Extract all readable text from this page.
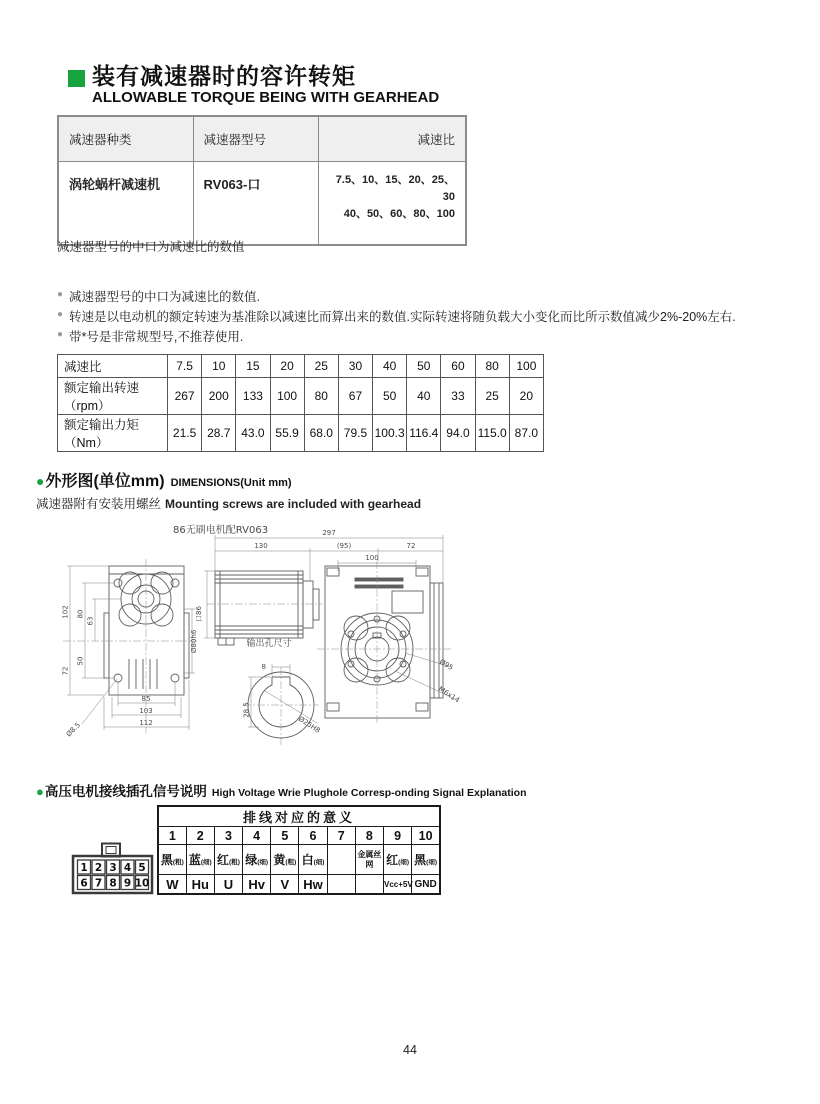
装有减速器时的容许转矩
ALLOWABLE TORQUE BEING WITH GEARHEAD
减速器种类	减速器型号	减速比
涡轮蜗杆减速机	RV063-口	7.5、10、15、20、25、30
40、50、60、80、100
减速器型号的中口为减速比的数值
● 减速器型号的中口为减速比的数值.
● 转速是以电动机的额定转速为基准除以减速比而算出来的数值.实际转速将随负载大小变化而比所示数值减少2%-20%左右.
● 带*号是非常规型号,不推荐使用.
减速比	7.5	10	15	20	25	30	40	50	60	80	100
额定输出转速（rpm）	267	200	133	100	80	67	50	40	33	25	20
额定输出力矩（Nm）	21.5	28.7	43.0	55.9	68.0	79.5	100.3	116.4	94.0	115.0	87.0
● 外形图(单位mm) DIMENSIONS(Unit mm)
减速器附有安装用螺丝 Mounting screws are included with gearhead
86无刷电机配RV063
102
72
80
50
63
85
103
112
Ø8.5
Ø80h6
297
130	(95)	72
100
口86
Ø95
M6x14
输出孔尺寸
8
28.5
Ø25H8
● 高压电机接线插孔信号说明 High Voltage Wrie Plughole Corresp-onding Signal Explanation
1 2 3 4 5
6 7 8 9 10
排线对应的意义									
1	2	3	4	5	6	7	8	9	10
黑(粗)	蓝(细)	红(粗)	绿(细)	黄(粗)	白(细)		金属丝网	红(细)	黑(细)
W	Hu	U	Hv	V	Hw			Vcc+5V	GND
44
